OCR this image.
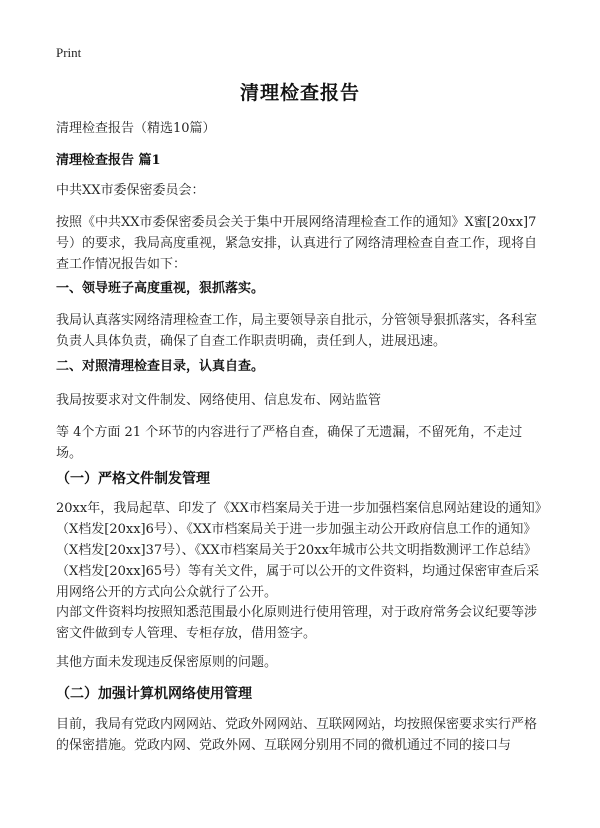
Print
清理检查报告
清理检查报告（精选10篇）
清理检查报告 篇1
中共XX市委保密委员会：
按照《中共XX市委保密委员会关于集中开展网络清理检查工作的通知》X蜜[20xx]7号）的要求，我局高度重视，紧急安排，认真进行了网络清理检查自查工作，现将自查工作情况报告如下：
一、领导班子高度重视，狠抓落实。
我局认真落实网络清理检查工作，局主要领导亲自批示，分管领导狠抓落实，各科室负责人具体负责，确保了自查工作职责明确，责任到人，进展迅速。
二、对照清理检查目录，认真自查。
我局按要求对文件制发、网络使用、信息发布、网站监管
等 4个方面 21 个环节的内容进行了严格自查，确保了无遗漏，不留死角，不走过场。
（一）严格文件制发管理
20xx年，我局起草、印发了《XX市档案局关于进一步加强档案信息网站建设的通知》（X档发[20xx]6号）、《XX市档案局关于进一步加强主动公开政府信息工作的通知》（X档发[20xx]37号）、《XX市档案局关于20xx年城市公共文明指数测评工作总结》（X档发[20xx]65号）等有关文件，属于可以公开的文件资料，均通过保密审查后采用网络公开的方式向公众就行了公开。
内部文件资料均按照知悉范围最小化原则进行使用管理，对于政府常务会议纪要等涉密文件做到专人管理、专柜存放，借用签字。
其他方面未发现违反保密原则的问题。
（二）加强计算机网络使用管理
目前，我局有党政内网网站、党政外网网站、互联网网站，均按照保密要求实行严格的保密措施。党政内网、党政外网、互联网分别用不同的微机通过不同的接口与
